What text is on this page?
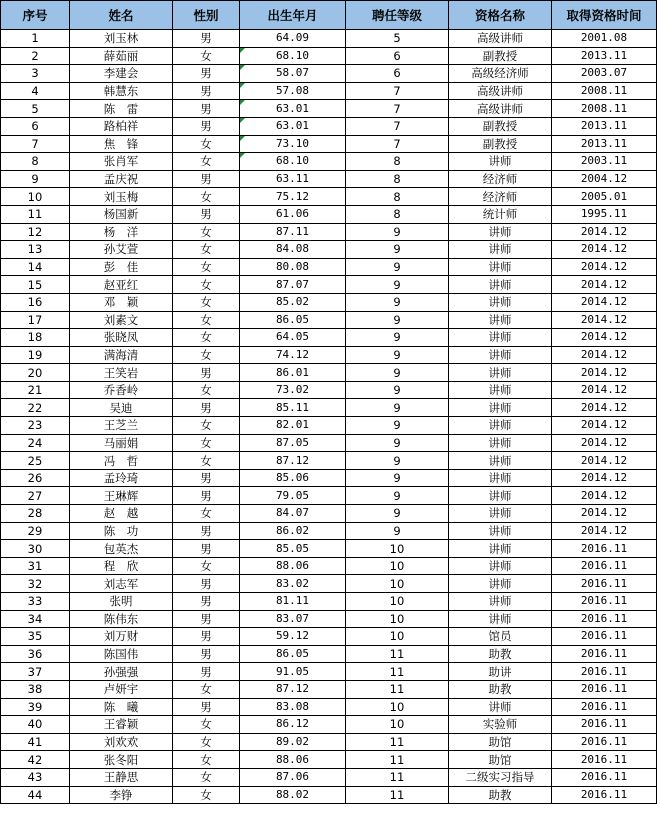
序号	姓名	性别	出生年月	聘任等级	资格名称	取得资格时间
1	刘玉林	男	64.09	5	高级讲师	2001.08
2	薛茹丽	女	68.10	6	副教授	2013.11
3	李建会	男	58.07	6	高级经济师	2003.07
4	韩慧东	男	57.08	7	高级讲师	2008.11
5	陈　雷	男	63.01	7	高级讲师	2008.11
6	路柏祥	男	63.01	7	副教授	2013.11
7	焦　锋	女	73.10	7	副教授	2013.11
8	张肖军	女	68.10	8	讲师	2003.11
9	孟庆祝	男	63.11	8	经济师	2004.12
10	刘玉梅	女	75.12	8	经济师	2005.01
11	杨国新	男	61.06	8	统计师	1995.11
12	杨　洋	女	87.11	9	讲师	2014.12
13	孙艾萱	女	84.08	9	讲师	2014.12
14	彭　佳	女	80.08	9	讲师	2014.12
15	赵亚红	女	87.07	9	讲师	2014.12
16	邓　颖	女	85.02	9	讲师	2014.12
17	刘素文	女	86.05	9	讲师	2014.12
18	张晓凤	女	64.05	9	讲师	2014.12
19	满海清	女	74.12	9	讲师	2014.12
20	王笑岩	男	86.01	9	讲师	2014.12
21	乔香岭	女	73.02	9	讲师	2014.12
22	吴迪	男	85.11	9	讲师	2014.12
23	王芝兰	女	82.01	9	讲师	2014.12
24	马丽娟	女	87.05	9	讲师	2014.12
25	冯　哲	女	87.12	9	讲师	2014.12
26	孟玲琦	男	85.06	9	讲师	2014.12
27	王琳辉	男	79.05	9	讲师	2014.12
28	赵　越	女	84.07	9	讲师	2014.12
29	陈　功	男	86.02	9	讲师	2014.12
30	包英杰	男	85.05	10	讲师	2016.11
31	程　欣	女	88.06	10	讲师	2016.11
32	刘志军	男	83.02	10	讲师	2016.11
33	张明	男	81.11	10	讲师	2016.11
34	陈伟东	男	83.07	10	讲师	2016.11
35	刘万财	男	59.12	10	馆员	2016.11
36	陈国伟	男	86.05	11	助教	2016.11
37	孙强强	男	91.05	11	助讲	2016.11
38	卢妍宇	女	87.12	11	助教	2016.11
39	陈　曦	男	83.08	10	讲师	2016.11
40	王睿颖	女	86.12	10	实验师	2016.11
41	刘欢欢	女	89.02	11	助馆	2016.11
42	张冬阳	女	88.06	11	助馆	2016.11
43	王静思	女	87.06	11	二级实习指导	2016.11
44	李铮	女	88.02	11	助教	2016.11
